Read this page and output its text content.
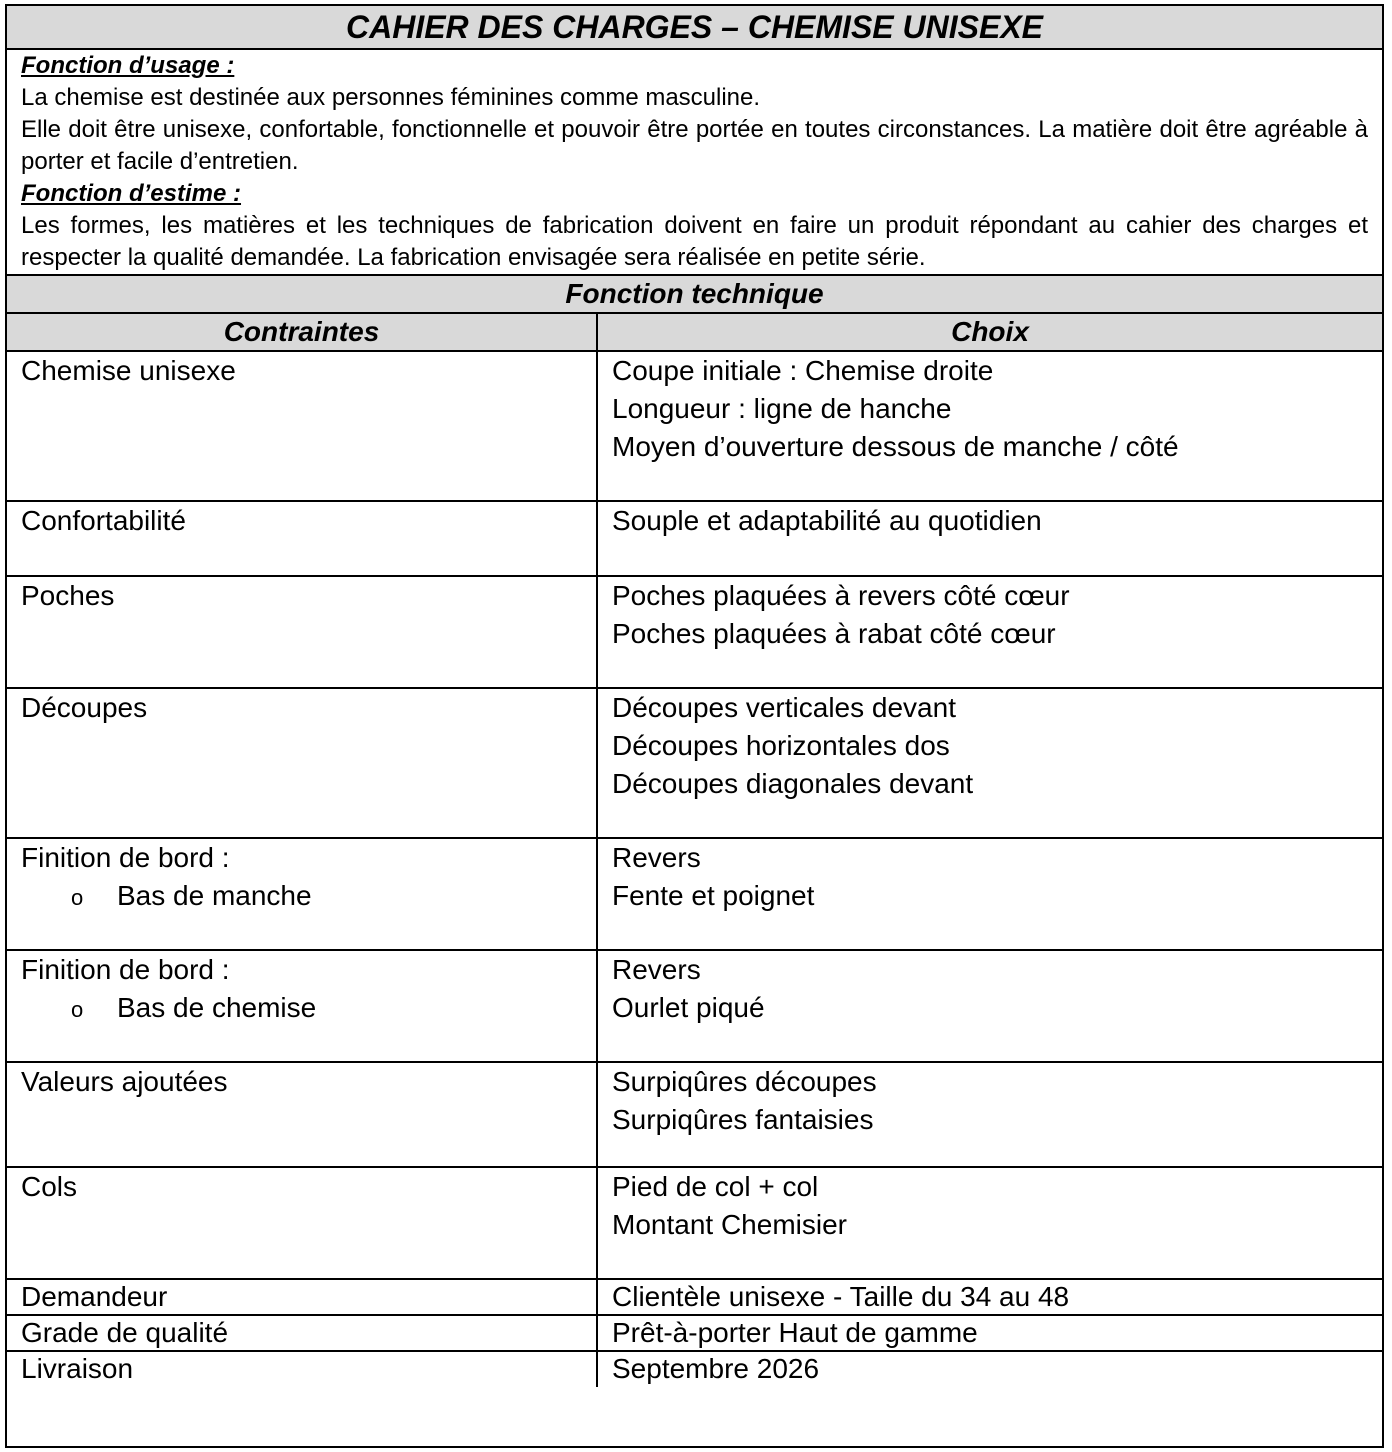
CAHIER DES CHARGES – CHEMISE UNISEXE
Fonction d’usage :

La chemise est destinée aux personnes féminines comme masculine.

Elle doit être unisexe, confortable, fonctionnelle et pouvoir être portée en toutes circonstances. La matière doit être agréable à porter et facile d’entretien.

Fonction d’estime :

Les formes, les matières et les techniques de fabrication doivent en faire un produit répondant au cahier des charges et respecter la qualité demandée. La fabrication envisagée sera réalisée en petite série.

Fonction technique	
Contraintes	Choix

Chemise unisexe	Coupe initiale : Chemise droite
Longueur : ligne de hanche
Moyen d’ouverture dessous de manche / côté

Confortabilité	Souple et adaptabilité au quotidien

Poches	Poches plaquées à revers côté cœur
Poches plaquées à rabat côté cœur

Découpes	Découpes verticales devant
Découpes horizontales dos
Découpes diagonales devant

Finition de bord :
o Bas de manche	Revers
Fente et poignet

Finition de bord :
o Bas de chemise	Revers
Ourlet piqué

Valeurs ajoutées	Surpiqûres découpes
Surpiqûres fantaisies

Cols	Pied de col + col
Montant Chemisier

Demandeur	Clientèle unisexe - Taille du 34 au 48

Grade de qualité	Prêt-à-porter Haut de gamme

Livraison	Septembre 2026
